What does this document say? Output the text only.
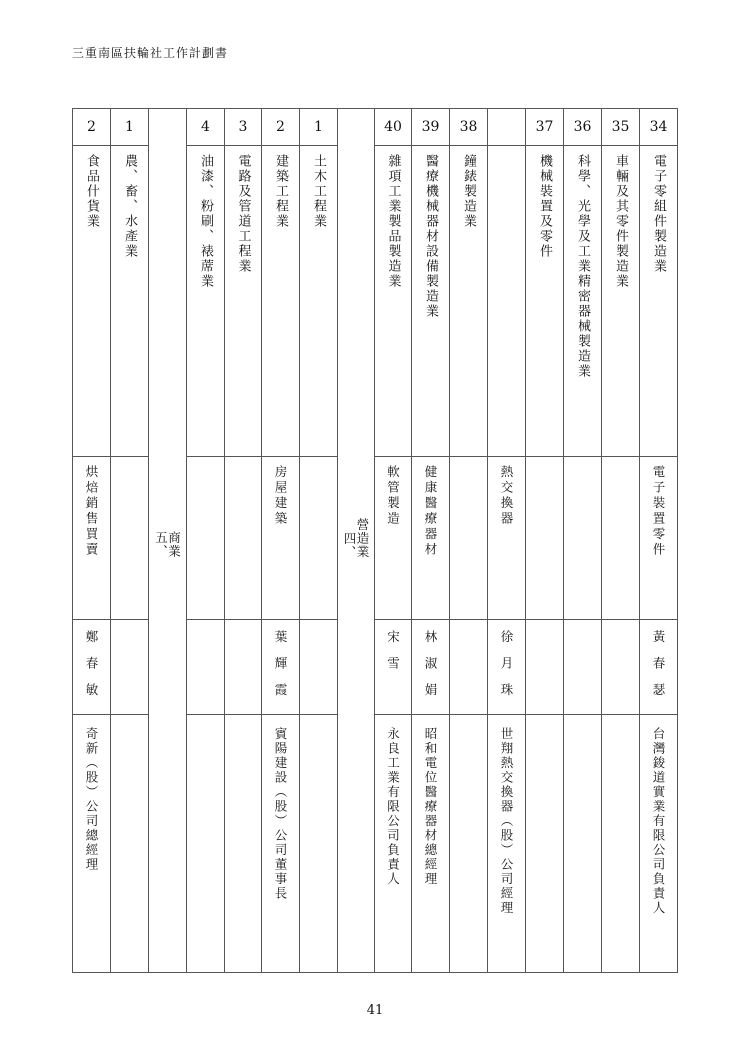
三重南區扶輪社工作計劃書
2	1	五、商業	4	3	2	1	四、營造業	40	39	38		37	36	35	34
食品什貨業	農、畜、水產業		油漆、粉刷、裱蓆業	電路及管道工程業	建築工程業	土木工程業		雜項工業製品製造業	醫療機械器材設備製造業	鐘錶製造業		機械裝置及零件	科學、光學及工業精密器械製造業	車輛及其零件製造業	電子零組件製造業
烘焙銷售買賣					房屋建築			軟管製造	健康醫療器材		熱交換器				電子裝置零件
鄭春敏					葉輝霞			宋雪	林淑娟		徐月珠				黃春瑟
奇新（股）公司總經理					賓陽建設（股）公司董事長			永良工業有限公司負責人	昭和電位醫療器材總經理		世翔熱交換器（股）公司經理				台灣鋑道實業有限公司負責人
41
